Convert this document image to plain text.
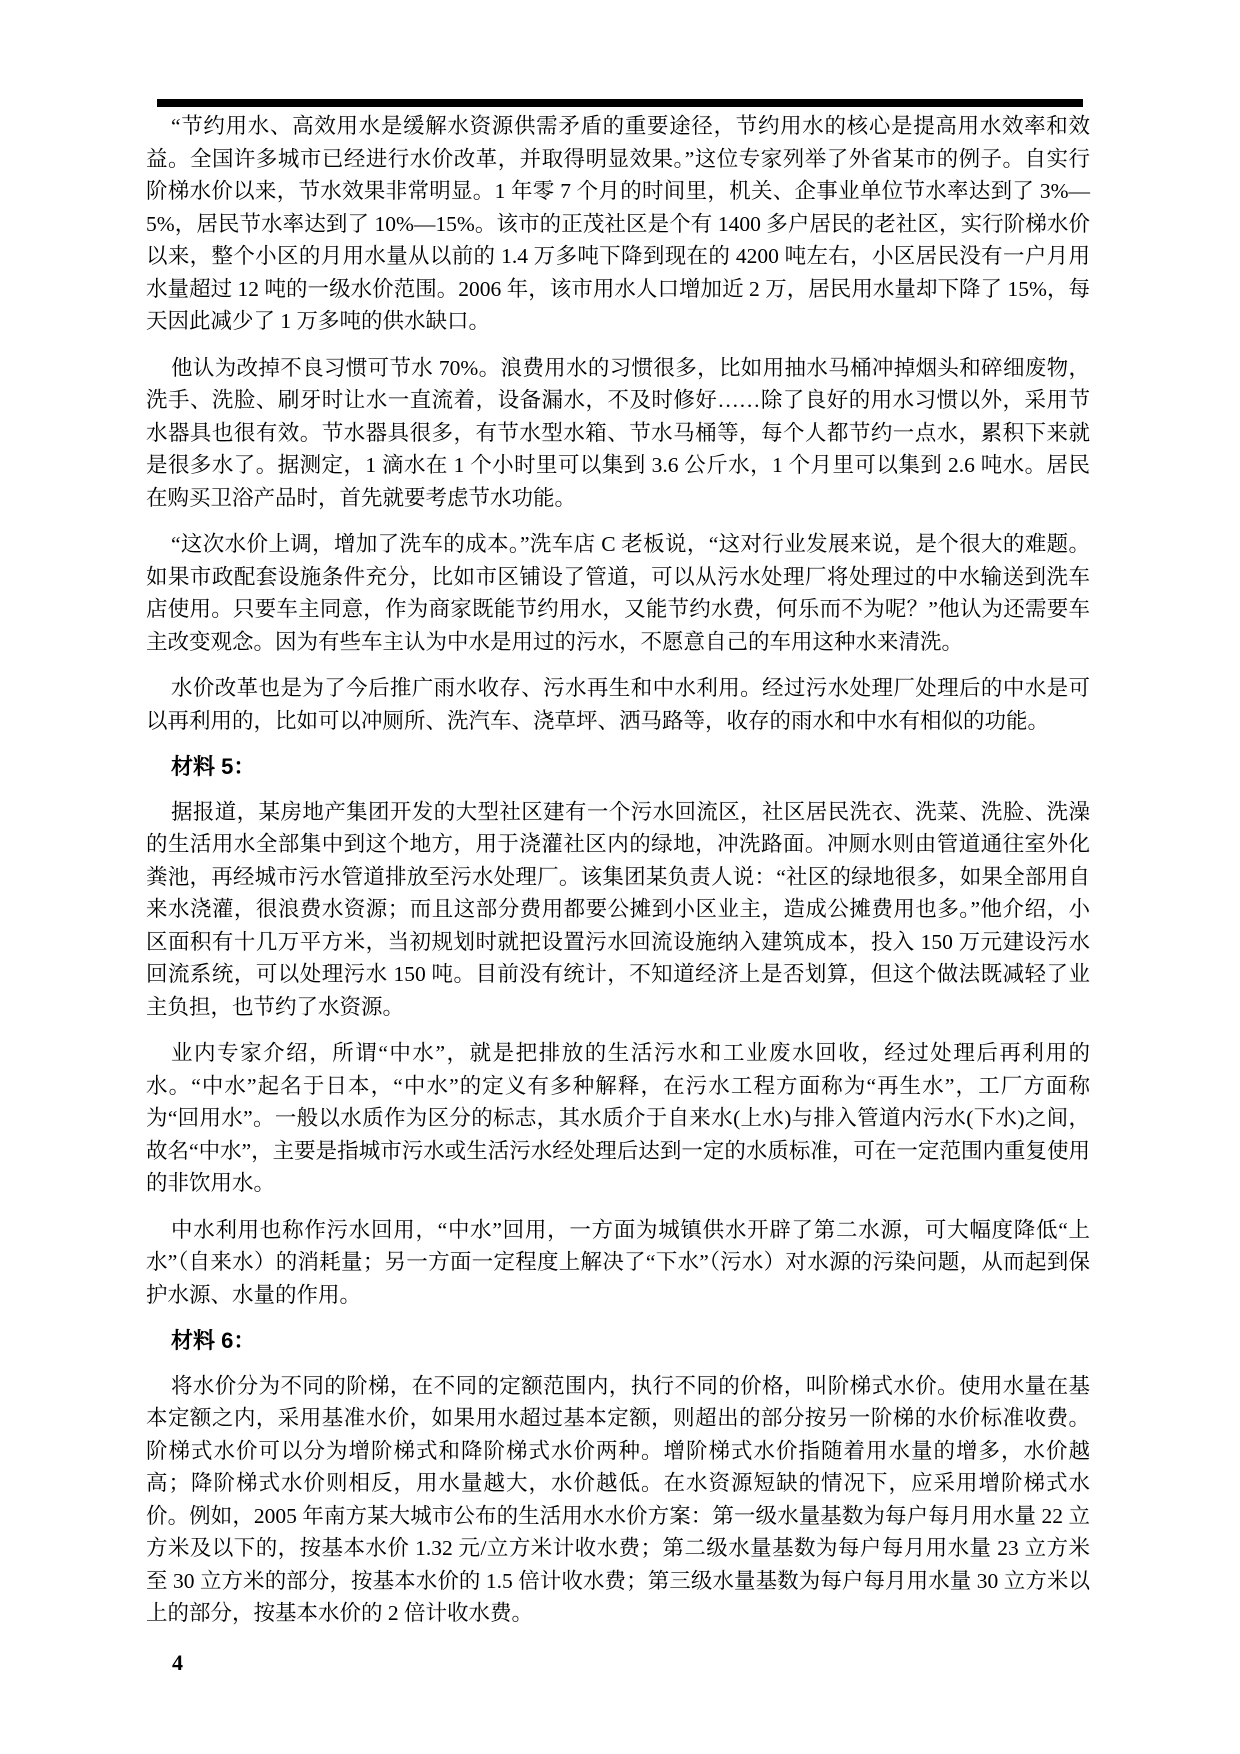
“节约用水、高效用水是缓解水资源供需矛盾的重要途径，节约用水的核心是提高用水效率和效益。全国许多城市已经进行水价改革，并取得明显效果。”这位专家列举了外省某市的例子。自实行阶梯水价以来，节水效果非常明显。1 年零 7 个月的时间里，机关、企事业单位节水率达到了 3%—5%，居民节水率达到了 10%—15%。该市的正茂社区是个有 1400 多户居民的老社区，实行阶梯水价以来，整个小区的月用水量从以前的 1.4 万多吨下降到现在的 4200 吨左右，小区居民没有一户月用水量超过 12 吨的一级水价范围。2006 年，该市用水人口增加近 2 万，居民用水量却下降了 15%，每天因此减少了 1 万多吨的供水缺口。

他认为改掉不良习惯可节水 70%。浪费用水的习惯很多，比如用抽水马桶冲掉烟头和碎细废物，洗手、洗脸、刷牙时让水一直流着，设备漏水，不及时修好……除了良好的用水习惯以外，采用节水器具也很有效。节水器具很多，有节水型水箱、节水马桶等，每个人都节约一点水，累积下来就是很多水了。据测定，1 滴水在 1 个小时里可以集到 3.6 公斤水，1 个月里可以集到 2.6 吨水。居民在购买卫浴产品时，首先就要考虑节水功能。

“这次水价上调，增加了洗车的成本。”洗车店 C 老板说，“这对行业发展来说，是个很大的难题。如果市政配套设施条件充分，比如市区铺设了管道，可以从污水处理厂将处理过的中水输送到洗车店使用。只要车主同意，作为商家既能节约用水，又能节约水费，何乐而不为呢？”他认为还需要车主改变观念。因为有些车主认为中水是用过的污水，不愿意自己的车用这种水来清洗。

水价改革也是为了今后推广雨水收存、污水再生和中水利用。经过污水处理厂处理后的中水是可以再利用的，比如可以冲厕所、洗汽车、浇草坪、洒马路等，收存的雨水和中水有相似的功能。

材料 5：

据报道，某房地产集团开发的大型社区建有一个污水回流区，社区居民洗衣、洗菜、洗脸、洗澡的生活用水全部集中到这个地方，用于浇灌社区内的绿地，冲洗路面。冲厕水则由管道通往室外化粪池，再经城市污水管道排放至污水处理厂。该集团某负责人说：“社区的绿地很多，如果全部用自来水浇灌，很浪费水资源；而且这部分费用都要公摊到小区业主，造成公摊费用也多。”他介绍，小区面积有十几万平方米，当初规划时就把设置污水回流设施纳入建筑成本，投入 150 万元建设污水回流系统，可以处理污水 150 吨。目前没有统计，不知道经济上是否划算，但这个做法既减轻了业主负担，也节约了水资源。

业内专家介绍，所谓“中水”，就是把排放的生活污水和工业废水回收，经过处理后再利用的水。“中水”起名于日本，“中水”的定义有多种解释，在污水工程方面称为“再生水”，工厂方面称为“回用水”。一般以水质作为区分的标志，其水质介于自来水(上水)与排入管道内污水(下水)之间，故名“中水”，主要是指城市污水或生活污水经处理后达到一定的水质标准，可在一定范围内重复使用的非饮用水。

中水利用也称作污水回用，“中水”回用，一方面为城镇供水开辟了第二水源，可大幅度降低“上水”（自来水）的消耗量；另一方面一定程度上解决了“下水”（污水）对水源的污染问题，从而起到保护水源、水量的作用。

材料 6：

将水价分为不同的阶梯，在不同的定额范围内，执行不同的价格，叫阶梯式水价。使用水量在基本定额之内，采用基准水价，如果用水超过基本定额，则超出的部分按另一阶梯的水价标准收费。阶梯式水价可以分为增阶梯式和降阶梯式水价两种。增阶梯式水价指随着用水量的增多，水价越高；降阶梯式水价则相反，用水量越大，水价越低。在水资源短缺的情况下，应采用增阶梯式水价。例如，2005 年南方某大城市公布的生活用水水价方案：第一级水量基数为每户每月用水量 22 立方米及以下的，按基本水价 1.32 元/立方米计收水费；第二级水量基数为每户每月用水量 23 立方米至 30 立方米的部分，按基本水价的 1.5 倍计收水费；第三级水量基数为每户每月用水量 30 立方米以上的部分，按基本水价的 2 倍计收水费。

4
